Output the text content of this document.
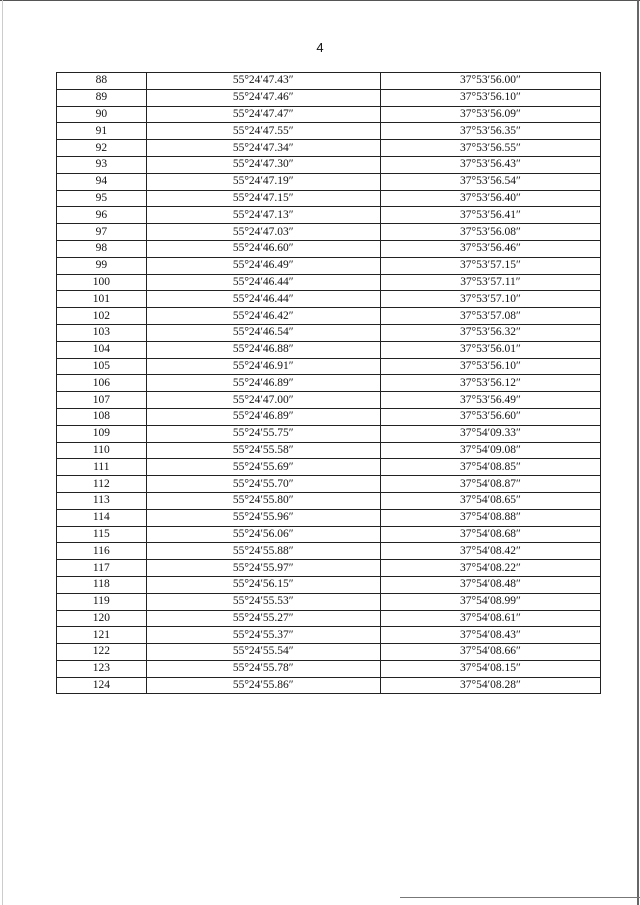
4
88	55°24′47.43″	37°53′56.00″
89	55°24′47.46″	37°53′56.10″
90	55°24′47.47″	37°53′56.09″
91	55°24′47.55″	37°53′56.35″
92	55°24′47.34″	37°53′56.55″
93	55°24′47.30″	37°53′56.43″
94	55°24′47.19″	37°53′56.54″
95	55°24′47.15″	37°53′56.40″
96	55°24′47.13″	37°53′56.41″
97	55°24′47.03″	37°53′56.08″
98	55°24′46.60″	37°53′56.46″
99	55°24′46.49″	37°53′57.15″
100	55°24′46.44″	37°53′57.11″
101	55°24′46.44″	37°53′57.10″
102	55°24′46.42″	37°53′57.08″
103	55°24′46.54″	37°53′56.32″
104	55°24′46.88″	37°53′56.01″
105	55°24′46.91″	37°53′56.10″
106	55°24′46.89″	37°53′56.12″
107	55°24′47.00″	37°53′56.49″
108	55°24′46.89″	37°53′56.60″
109	55°24′55.75″	37°54′09.33″
110	55°24′55.58″	37°54′09.08″
111	55°24′55.69″	37°54′08.85″
112	55°24′55.70″	37°54′08.87″
113	55°24′55.80″	37°54′08.65″
114	55°24′55.96″	37°54′08.88″
115	55°24′56.06″	37°54′08.68″
116	55°24′55.88″	37°54′08.42″
117	55°24′55.97″	37°54′08.22″
118	55°24′56.15″	37°54′08.48″
119	55°24′55.53″	37°54′08.99″
120	55°24′55.27″	37°54′08.61″
121	55°24′55.37″	37°54′08.43″
122	55°24′55.54″	37°54′08.66″
123	55°24′55.78″	37°54′08.15″
124	55°24′55.86″	37°54′08.28″
